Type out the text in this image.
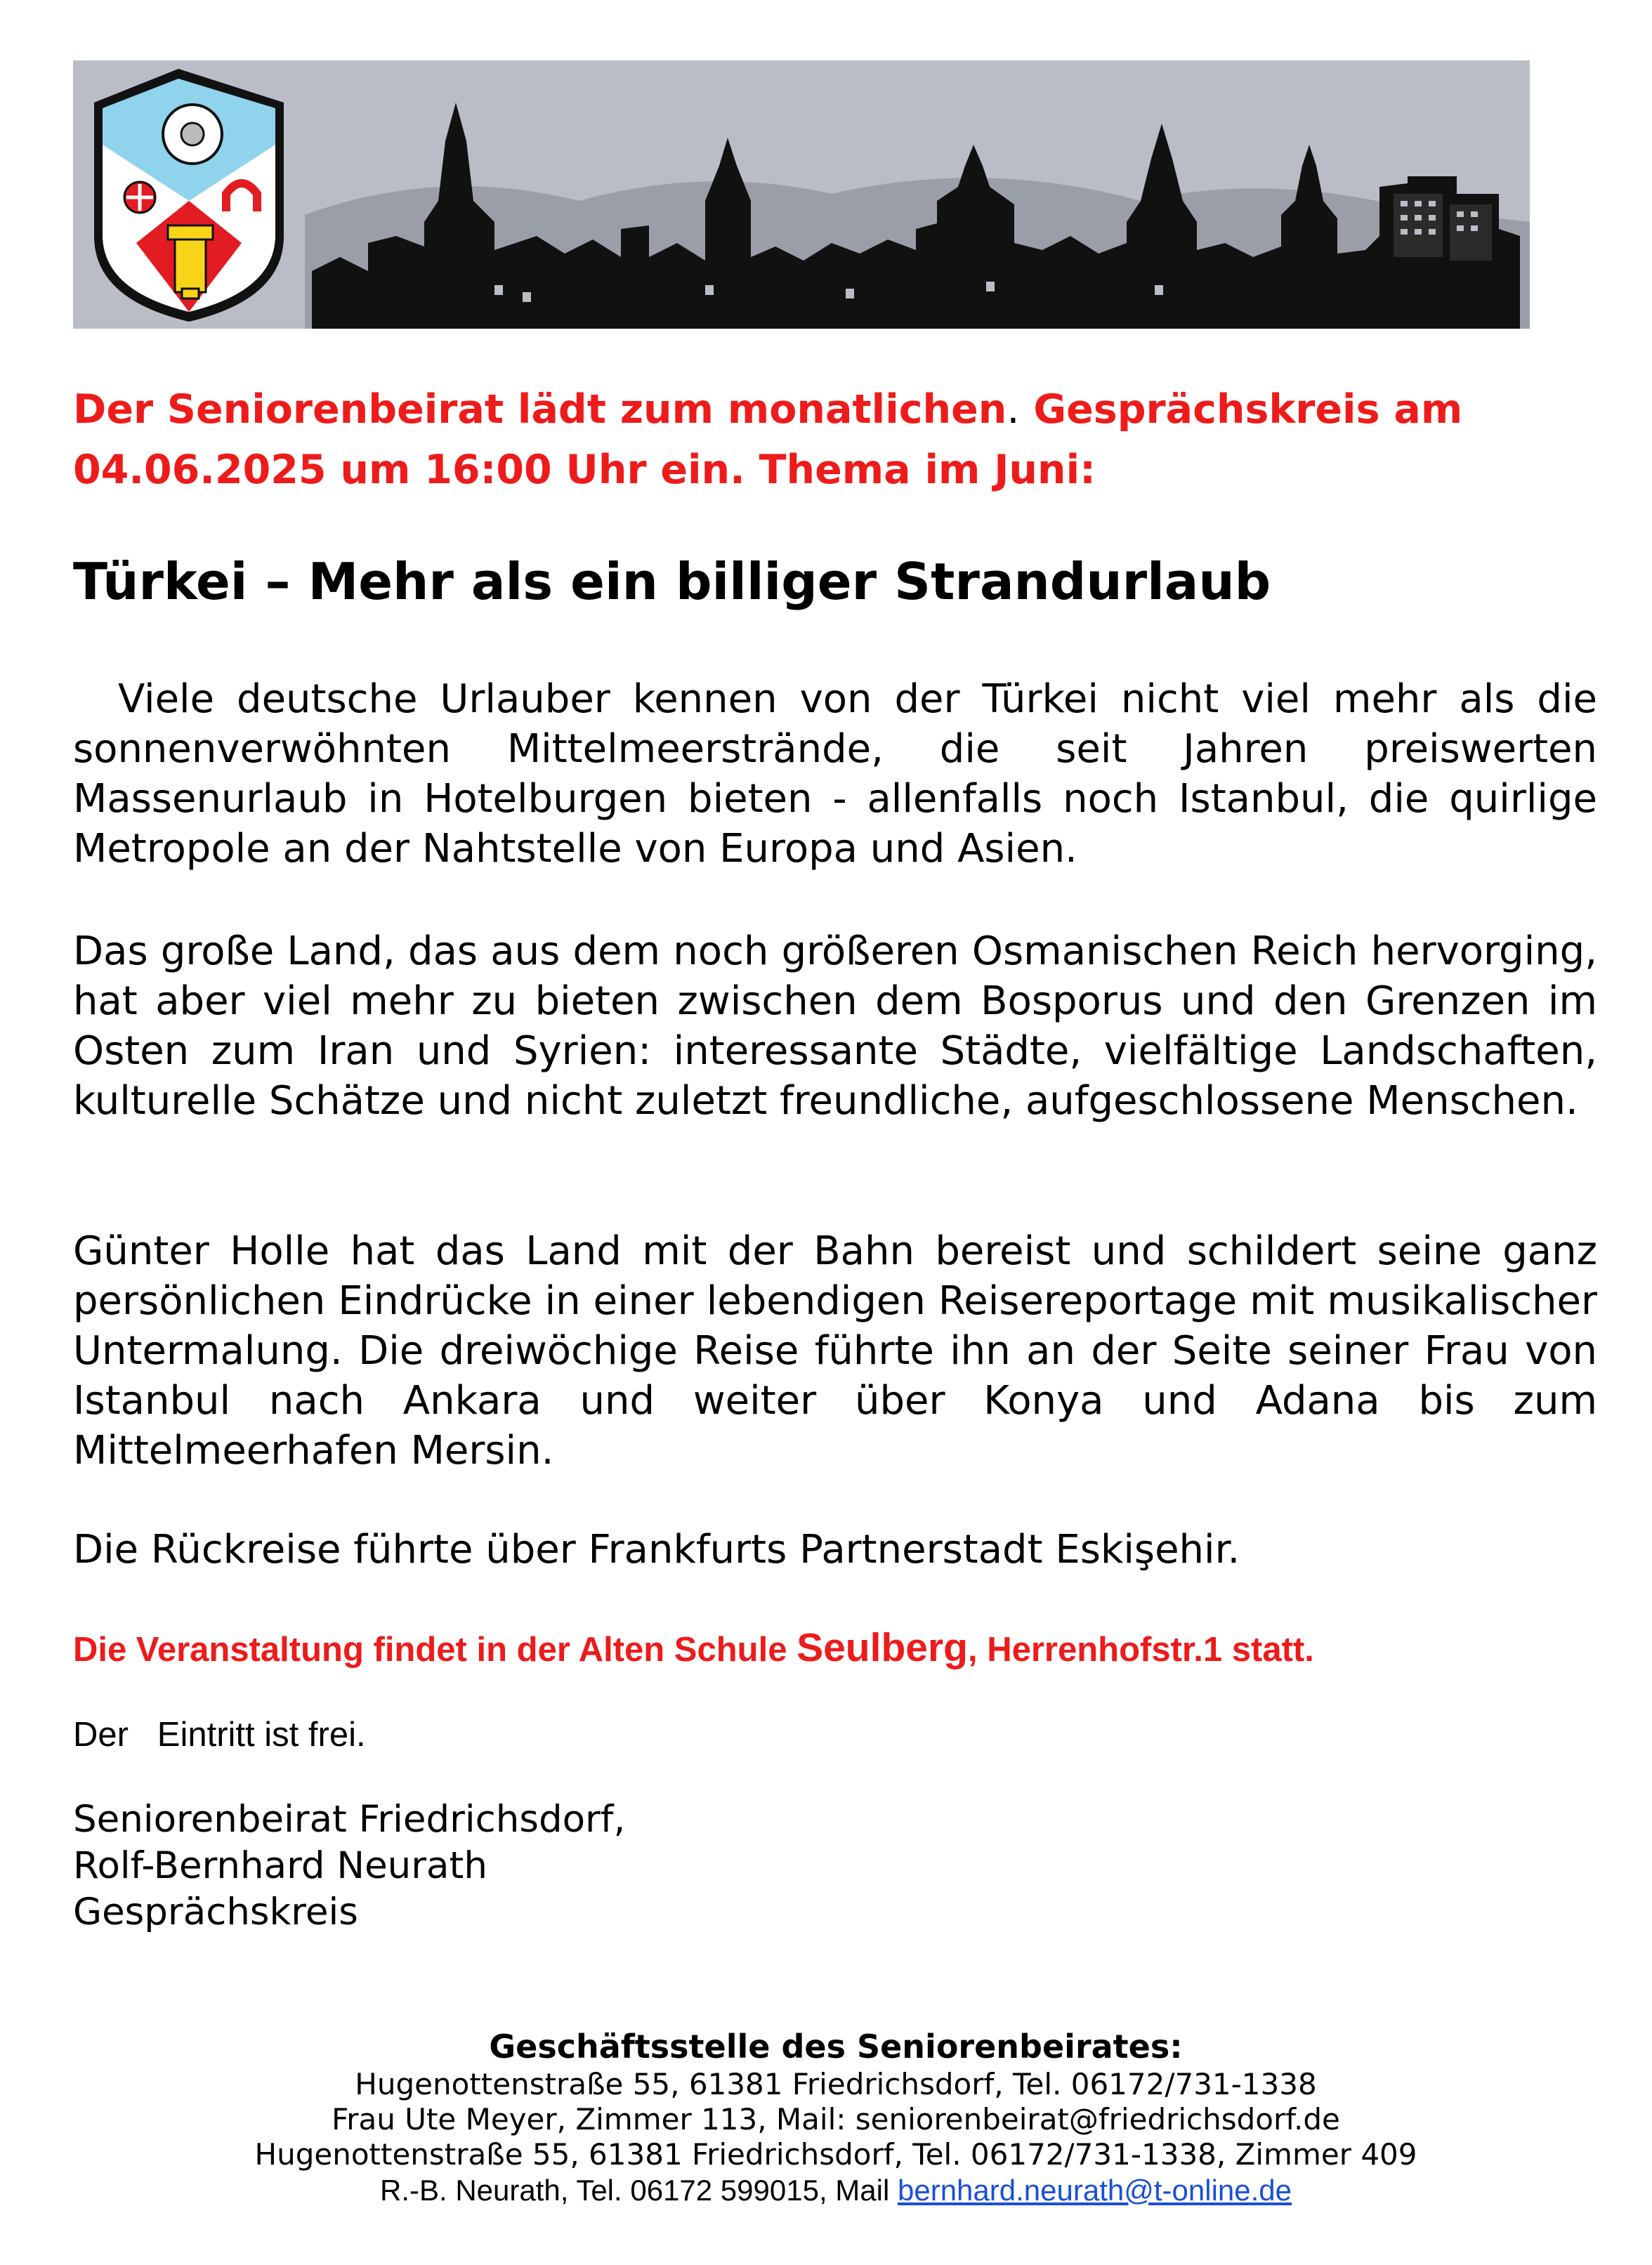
Der Seniorenbeirat lädt zum monatlichen. Gesprächskreis am
04.06.2025 um 16:00 Uhr ein. Thema im Juni:
Türkei – Mehr als ein billiger Strandurlaub

Viele deutsche Urlauber kennen von der Türkei nicht viel mehr als die sonnenverwöhnten Mittelmeerstrände, die seit Jahren preiswerten Massenurlaub in Hotelburgen bieten - allenfalls noch Istanbul, die quirlige Metropole an der Nahtstelle von Europa und Asien.

Das große Land, das aus dem noch größeren Osmanischen Reich hervorging, hat aber viel mehr zu bieten zwischen dem Bosporus und den Grenzen im Osten zum Iran und Syrien: interessante Städte, vielfältige Landschaften, kulturelle Schätze und nicht zuletzt freundliche, aufgeschlossene Menschen.

Günter Holle hat das Land mit der Bahn bereist und schildert seine ganz persönlichen Eindrücke in einer lebendigen Reisereportage mit musikalischer Untermalung. Die dreiwöchige Reise führte ihn an der Seite seiner Frau von Istanbul nach Ankara und weiter über Konya und Adana bis zum Mittelmeerhafen Mersin.

Die Rückreise führte über Frankfurts Partnerstadt Eskişehir.

Die Veranstaltung findet in der Alten Schule Seulberg, Herrenhofstr.1 statt.
Der   Eintritt ist frei.
Seniorenbeirat Friedrichsdorf,
Rolf-Bernhard Neurath
Gesprächskreis
Geschäftsstelle des Seniorenbeirates:
Hugenottenstraße 55, 61381 Friedrichsdorf, Tel. 06172/731-1338
Frau Ute Meyer, Zimmer 113, Mail: seniorenbeirat@friedrichsdorf.de
Hugenottenstraße 55, 61381 Friedrichsdorf, Tel. 06172/731-1338, Zimmer 409
R.-B. Neurath, Tel. 06172 599015, Mail bernhard.neurath@t-online.de
